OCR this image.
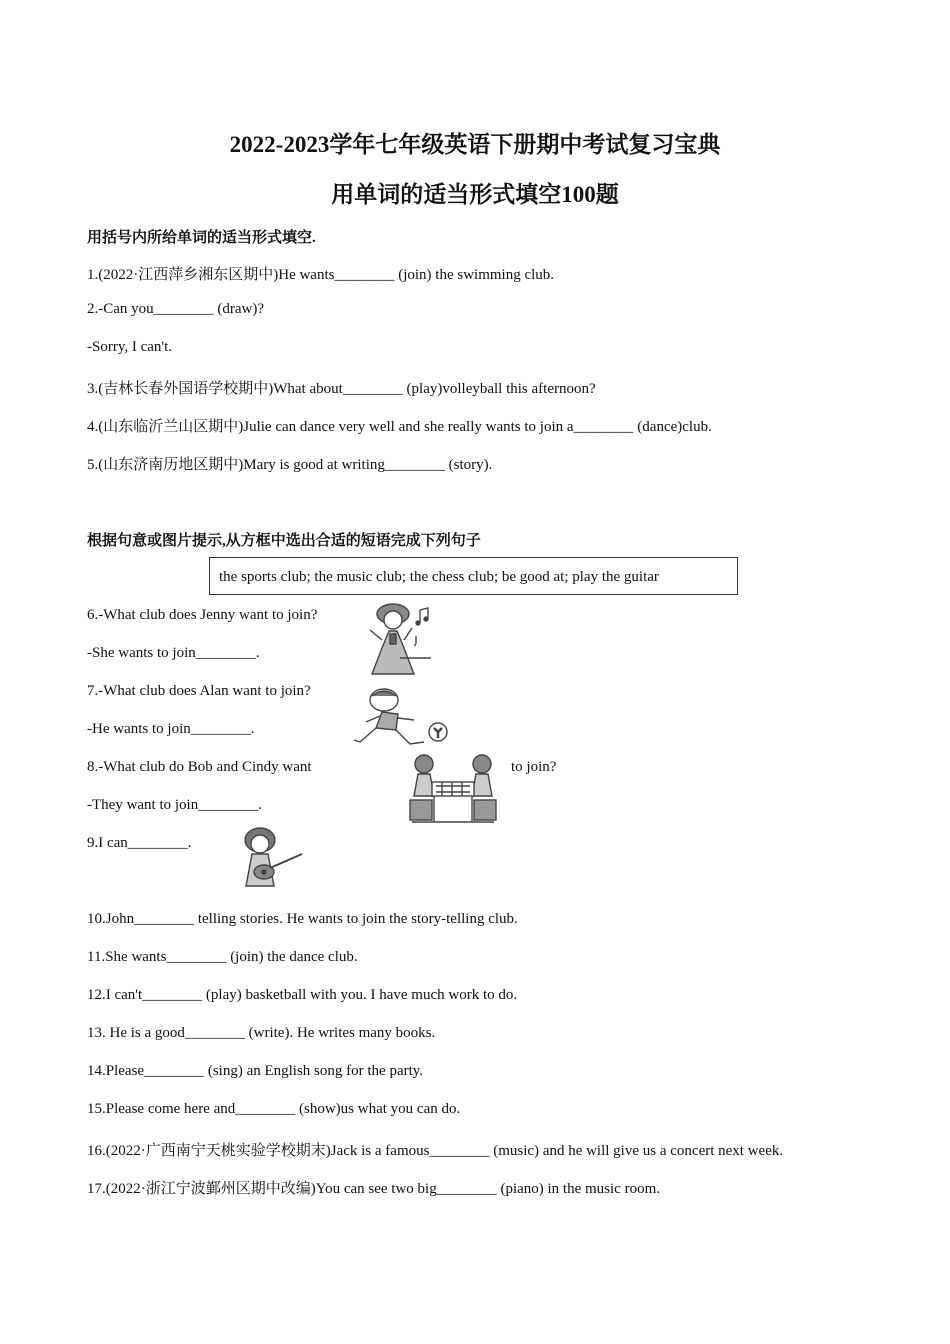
2022-2023学年七年级英语下册期中考试复习宝典
用单词的适当形式填空100题

用括号内所给单词的适当形式填空.

1.(2022·江西萍乡湘东区期中)He wants________ (join) the swimming club.

2.-Can you________ (draw)?

-Sorry, I can't.

3.(吉林长春外国语学校期中)What about________ (play)volleyball this afternoon?

4.(山东临沂兰山区期中)Julie can dance very well and she really wants to join a________ (dance)club.

5.(山东济南历地区期中)Mary is good at writing________ (story).

根据句意或图片提示,从方框中选出合适的短语完成下列句子

the sports club; the music club; the chess club; be good at; play the guitar

6.-What club does Jenny want to join?

-She wants to join________.

7.-What club does Alan want to join?

-He wants to join________.

8.-What club do Bob and Cindy want	to join?

-They want to join________.

9.I can________.

10.John________ telling stories. He wants to join the story-telling club.

11.She wants________ (join) the dance club.

12.I can't________ (play) basketball with you. I have much work to do.

13. He is a good________ (write). He writes many books.

14.Please________ (sing) an English song for the party.

15.Please come here and________ (show)us what you can do.

16.(2022·广西南宁天桃实验学校期末)Jack is a famous________ (music) and he will give us a concert next week.

17.(2022·浙江宁波鄞州区期中改编)You can see two big________ (piano) in the music room.
